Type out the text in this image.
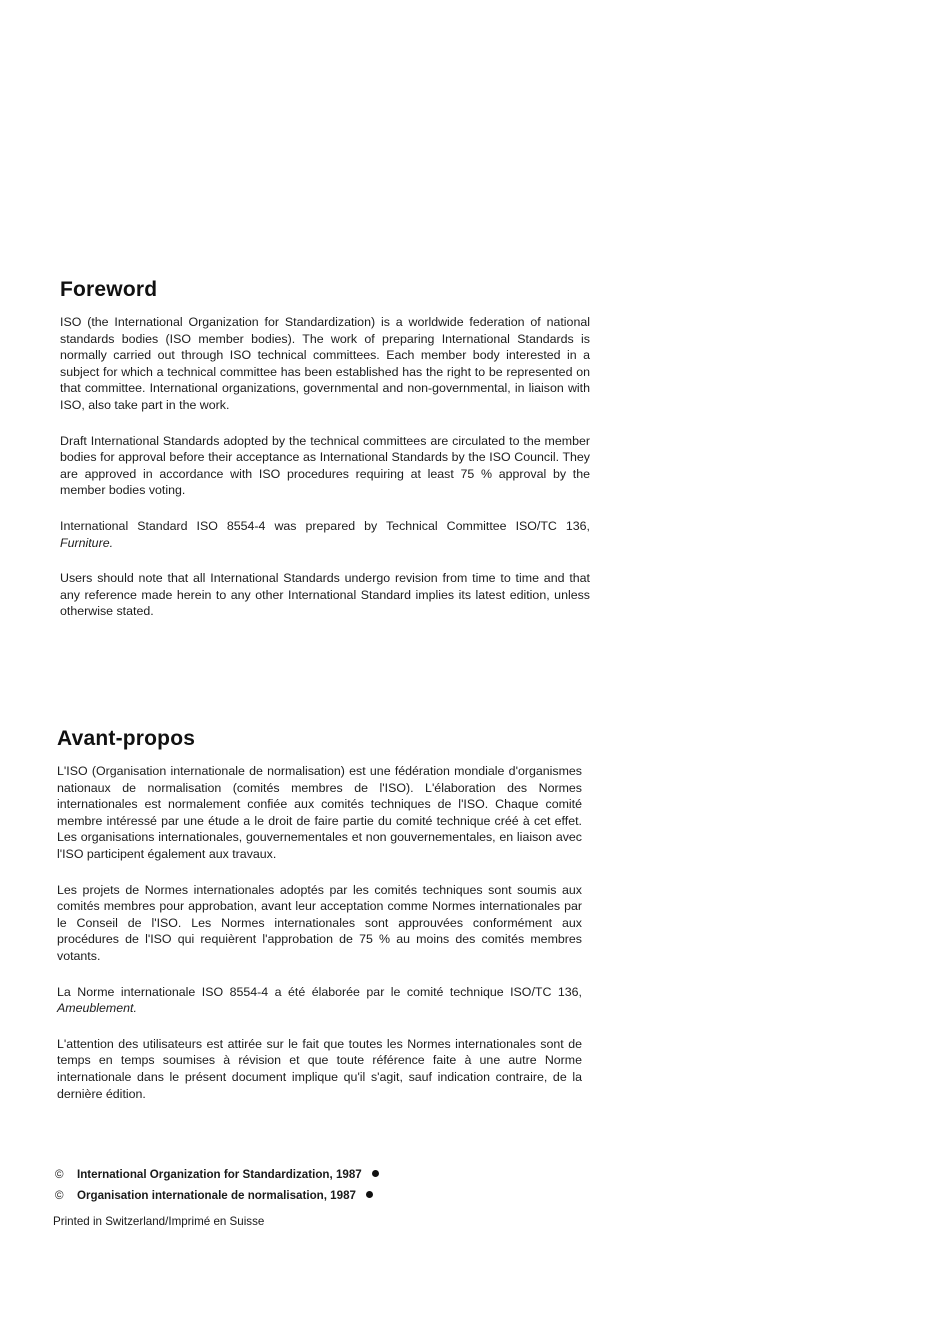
Foreword

ISO (the International Organization for Standardization) is a worldwide federation of national standards bodies (ISO member bodies). The work of preparing International Standards is normally carried out through ISO technical committees. Each member body interested in a subject for which a technical committee has been established has the right to be represented on that committee. International organizations, governmental and non-governmental, in liaison with ISO, also take part in the work.

Draft International Standards adopted by the technical committees are circulated to the member bodies for approval before their acceptance as International Standards by the ISO Council. They are approved in accordance with ISO procedures requiring at least 75 % approval by the member bodies voting.

International Standard ISO 8554-4 was prepared by Technical Committee ISO/TC 136, Furniture.

Users should note that all International Standards undergo revision from time to time and that any reference made herein to any other International Standard implies its latest edition, unless otherwise stated.

Avant-propos

L'ISO (Organisation internationale de normalisation) est une fédération mondiale d'organismes nationaux de normalisation (comités membres de l'ISO). L'élaboration des Normes internationales est normalement confiée aux comités techniques de l'ISO. Chaque comité membre intéressé par une étude a le droit de faire partie du comité technique créé à cet effet. Les organisations internationales, gouvernementales et non gouvernementales, en liaison avec l'ISO participent également aux travaux.

Les projets de Normes internationales adoptés par les comités techniques sont soumis aux comités membres pour approbation, avant leur acceptation comme Normes internationales par le Conseil de l'ISO. Les Normes internationales sont approuvées conformément aux procédures de l'ISO qui requièrent l'approbation de 75 % au moins des comités membres votants.

La Norme internationale ISO 8554-4 a été élaborée par le comité technique ISO/TC 136, Ameublement.

L'attention des utilisateurs est attirée sur le fait que toutes les Normes internationales sont de temps en temps soumises à révision et que toute référence faite à une autre Norme internationale dans le présent document implique qu'il s'agit, sauf indication contraire, de la dernière édition.

© International Organization for Standardization, 1987
© Organisation internationale de normalisation, 1987
Printed in Switzerland/Imprimé en Suisse
